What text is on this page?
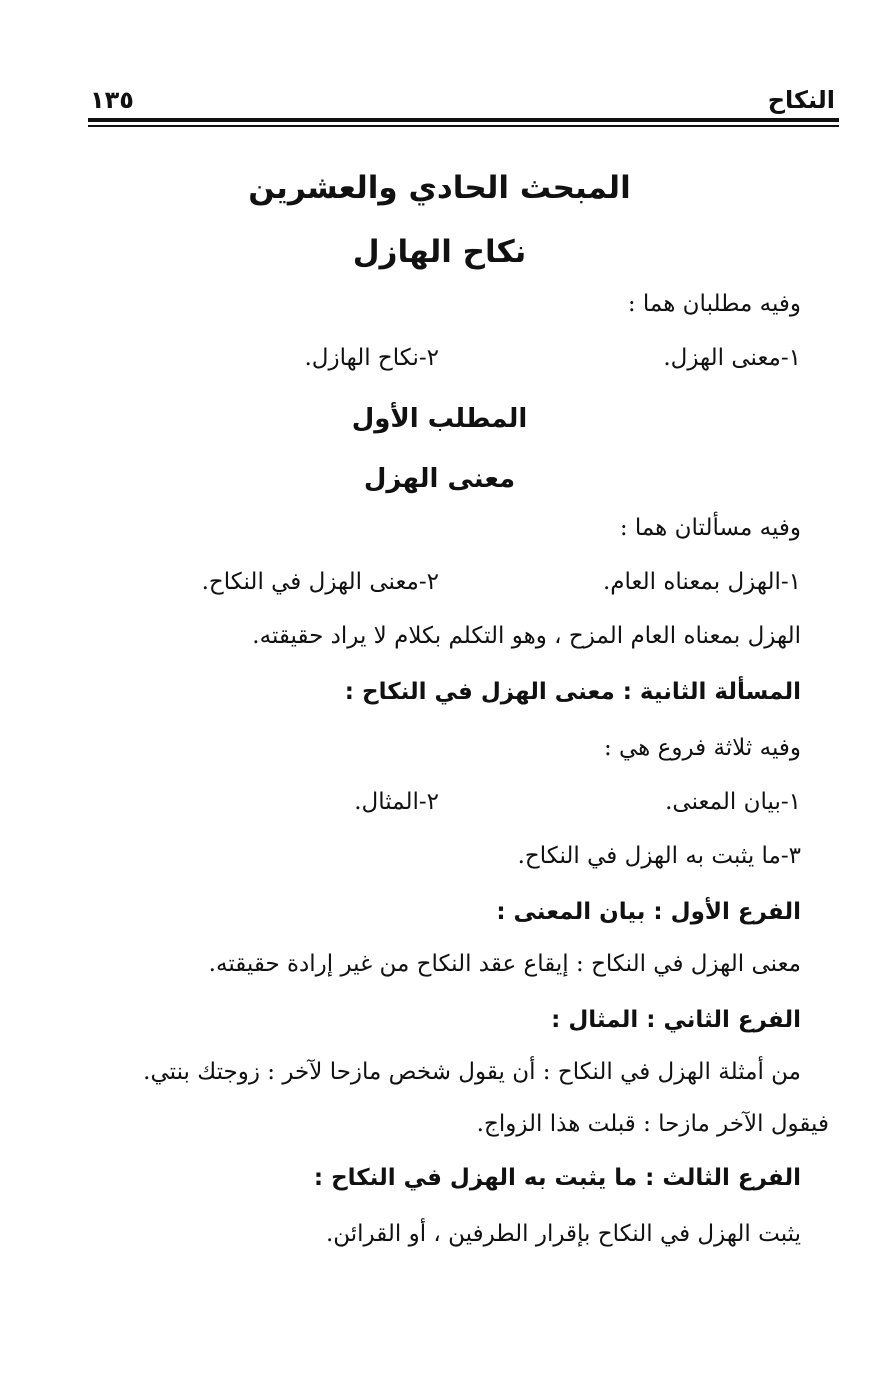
النكاح
١٣٥
المبحث الحادي والعشرين
نكاح الهازل
وفيه مطلبان هما :
١-معنى الهزل.
٢-نكاح الهازل.
المطلب الأول
معنى الهزل
وفيه مسألتان هما :
١-الهزل بمعناه العام.
٢-معنى الهزل في النكاح.
الهزل بمعناه العام المزح ، وهو التكلم بكلام لا يراد حقيقته.
المسألة الثانية : معنى الهزل في النكاح :
وفيه ثلاثة فروع هي :
١-بيان المعنى.
٢-المثال.
٣-ما يثبت به الهزل في النكاح.
الفرع الأول : بيان المعنى :
معنى الهزل في النكاح : إيقاع عقد النكاح من غير إرادة حقيقته.
الفرع الثاني : المثال :
من أمثلة الهزل في النكاح : أن يقول شخص مازحا لآخر : زوجتك بنتي.
فيقول الآخر مازحا : قبلت هذا الزواج.
الفرع الثالث : ما يثبت به الهزل في النكاح :
يثبت الهزل في النكاح بإقرار الطرفين ، أو القرائن.
